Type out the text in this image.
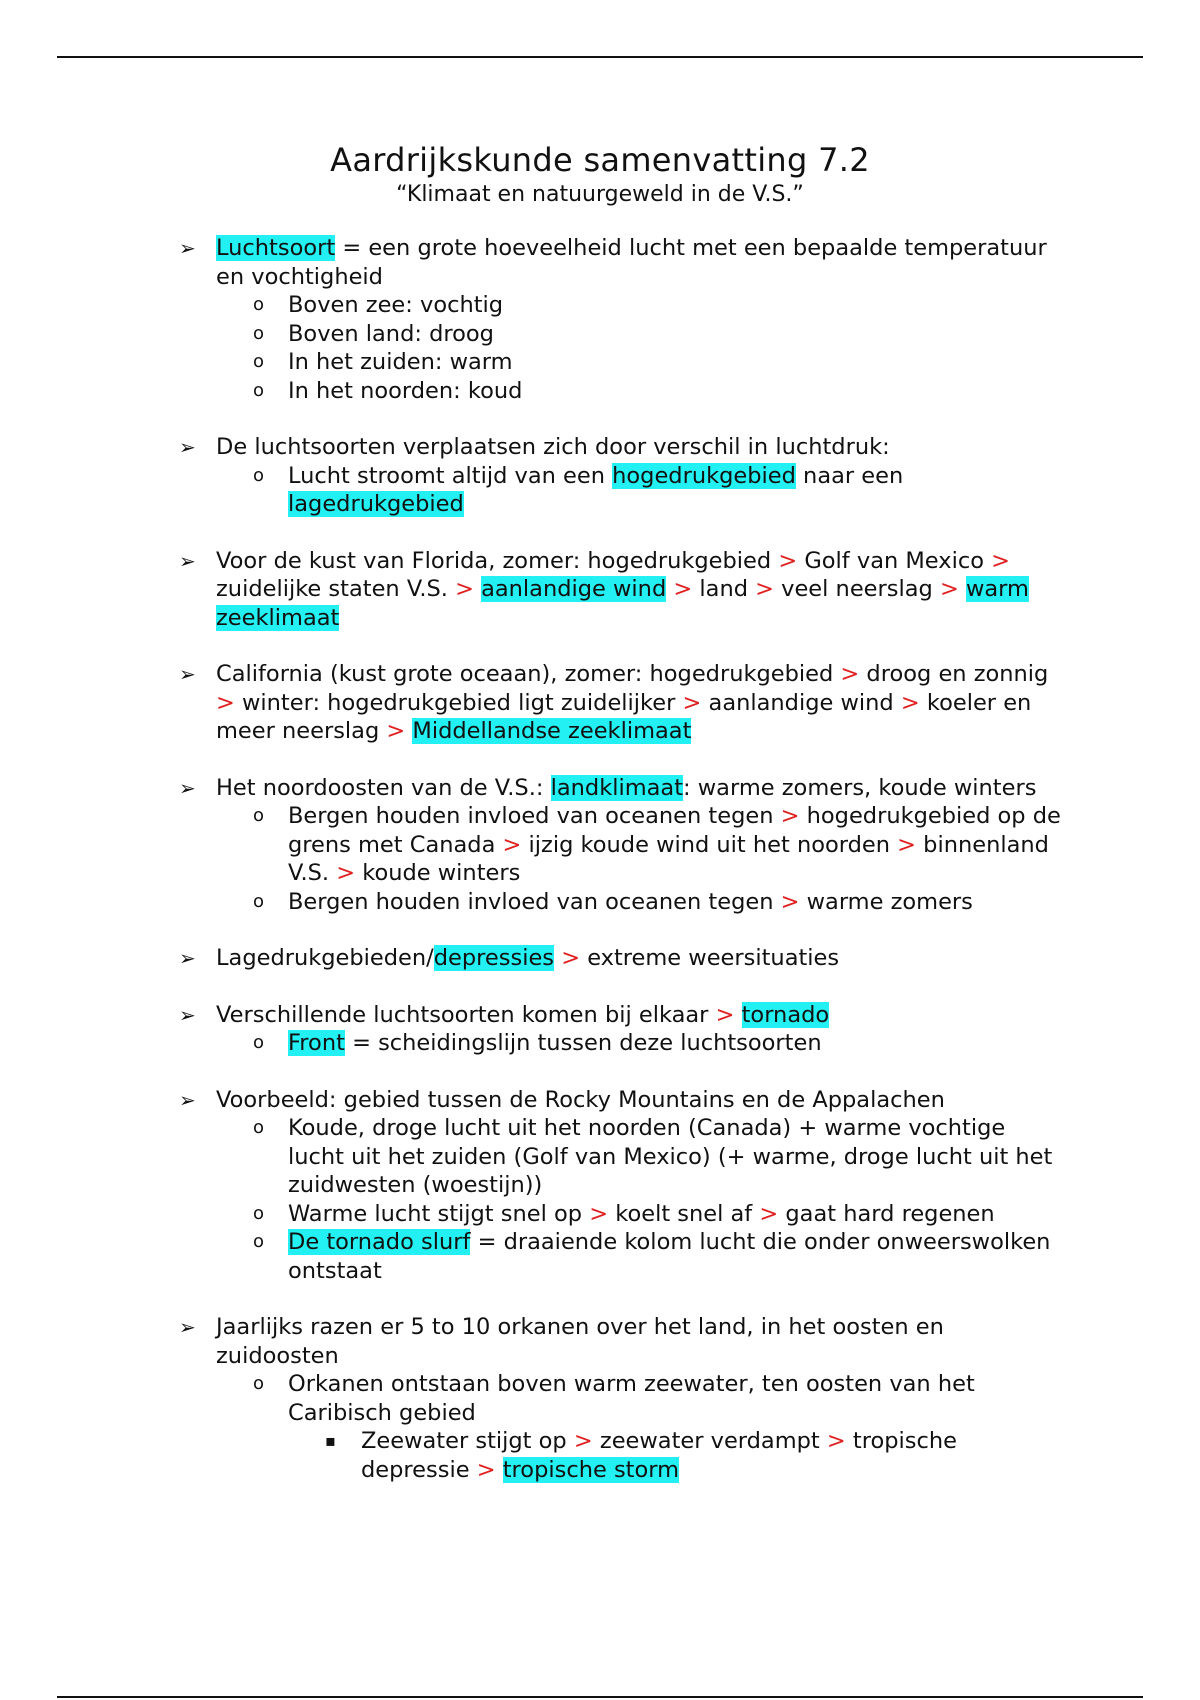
Aardrijkskunde samenvatting 7.2
“Klimaat en natuurgeweld in de V.S.”
➢ Luchtsoort = een grote hoeveelheid lucht met een bepaalde temperatuur en vochtigheid
o Boven zee: vochtig
o Boven land: droog
o In het zuiden: warm
o In het noorden: koud
➢ De luchtsoorten verplaatsen zich door verschil in luchtdruk:
o Lucht stroomt altijd van een hogedrukgebied naar een lagedrukgebied
➢ Voor de kust van Florida, zomer: hogedrukgebied > Golf van Mexico > zuidelijke staten V.S. > aanlandige wind > land > veel neerslag > warm zeeklimaat
➢ California (kust grote oceaan), zomer: hogedrukgebied > droog en zonnig > winter: hogedrukgebied ligt zuidelijker > aanlandige wind > koeler en meer neerslag > Middellandse zeeklimaat
➢ Het noordoosten van de V.S.: landklimaat: warme zomers, koude winters
o Bergen houden invloed van oceanen tegen > hogedrukgebied op de grens met Canada > ijzig koude wind uit het noorden > binnenland V.S. > koude winters
o Bergen houden invloed van oceanen tegen > warme zomers
➢ Lagedrukgebieden/depressies > extreme weersituaties
➢ Verschillende luchtsoorten komen bij elkaar > tornado
o Front = scheidingslijn tussen deze luchtsoorten
➢ Voorbeeld: gebied tussen de Rocky Mountains en de Appalachen
o Koude, droge lucht uit het noorden (Canada) + warme vochtige lucht uit het zuiden (Golf van Mexico) (+ warme, droge lucht uit het zuidwesten (woestijn))
o Warme lucht stijgt snel op > koelt snel af > gaat hard regenen
o De tornado slurf = draaiende kolom lucht die onder onweerswolken ontstaat
➢ Jaarlijks razen er 5 to 10 orkanen over het land, in het oosten en zuidoosten
o Orkanen ontstaan boven warm zeewater, ten oosten van het Caribisch gebied
▪ Zeewater stijgt op > zeewater verdampt > tropische depressie > tropische storm
